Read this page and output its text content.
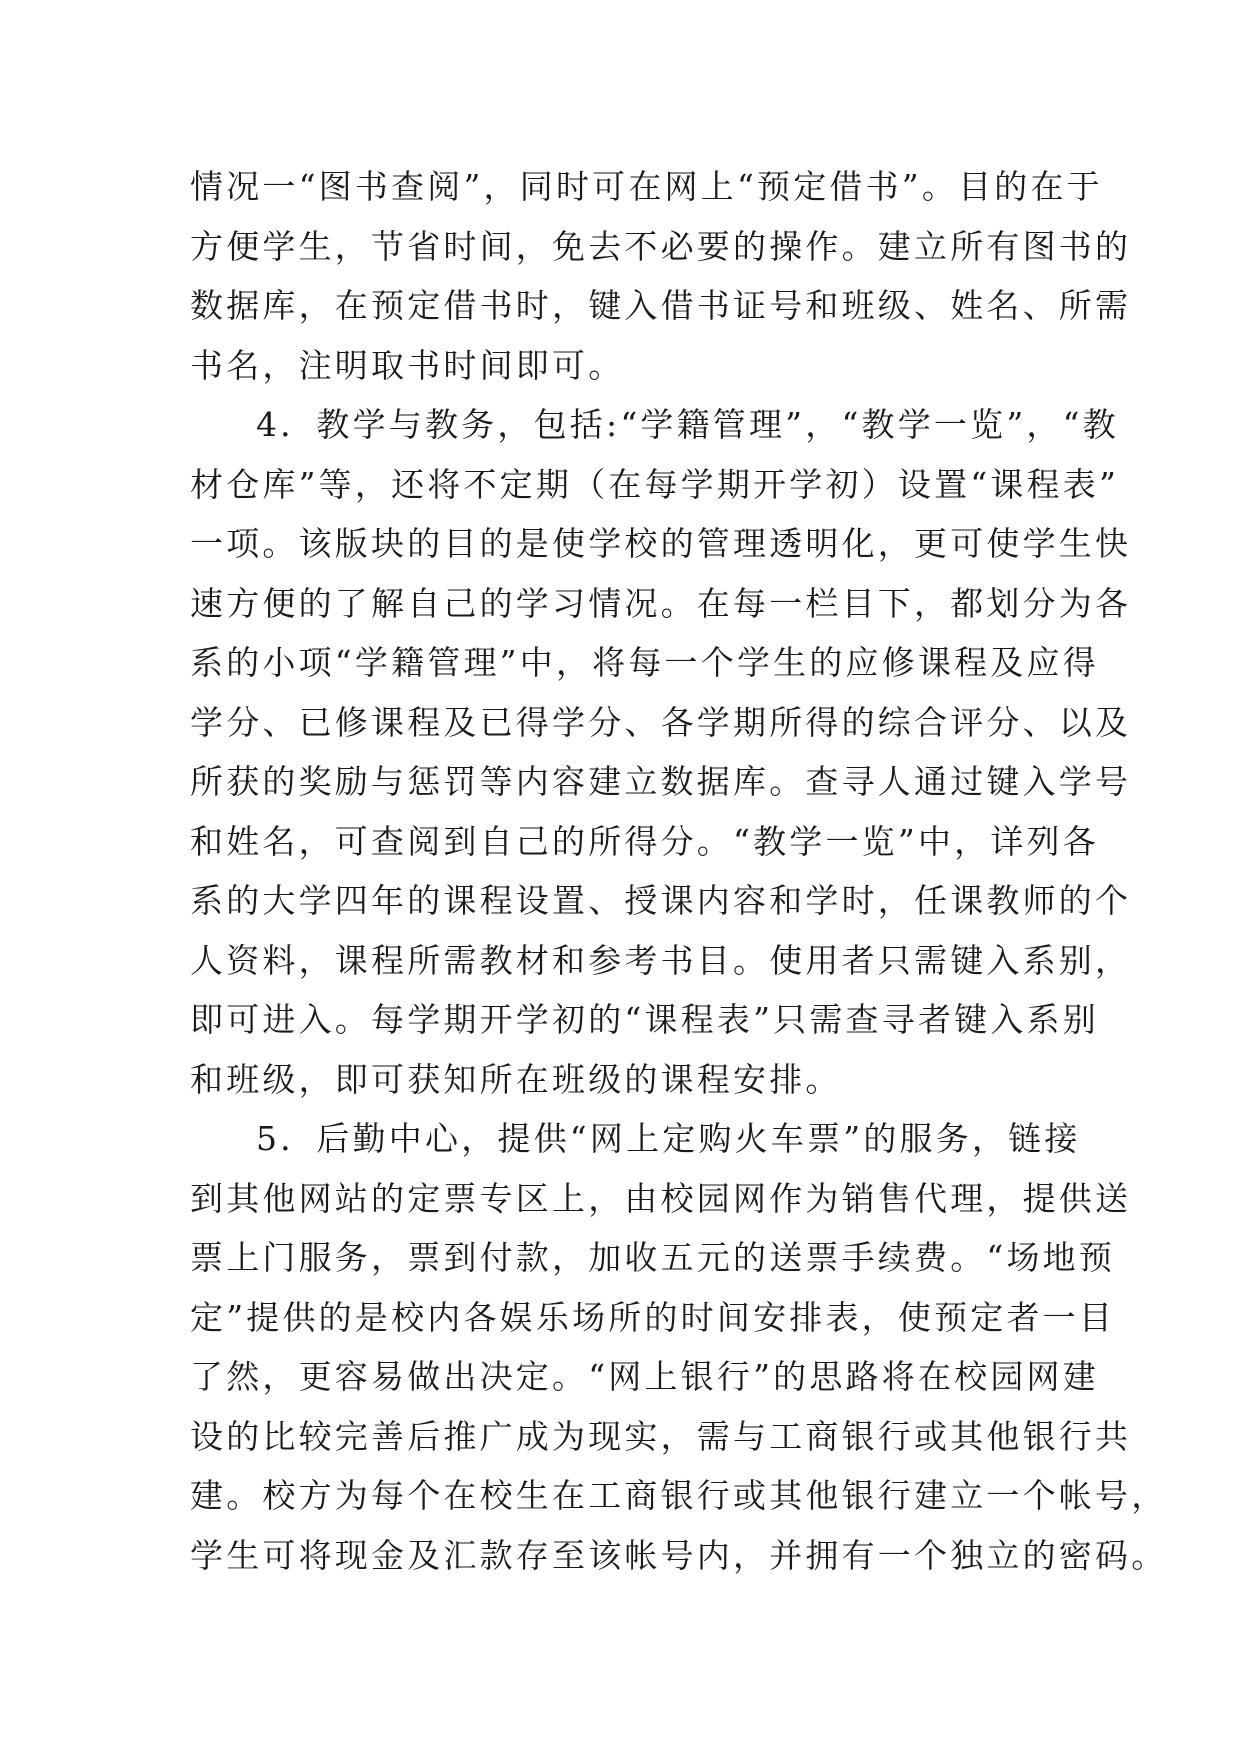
情况一“图书查阅”，同时可在网上“预定借书”。目的在于
方便学生，节省时间，免去不必要的操作。建立所有图书的
数据库，在预定借书时，键入借书证号和班级、姓名、所需
书名，注明取书时间即可。
4．教学与教务，包括:“学籍管理”，“教学一览”，“教
材仓库”等，还将不定期（在每学期开学初）设置“课程表”
一项。该版块的目的是使学校的管理透明化，更可使学生快
速方便的了解自己的学习情况。在每一栏目下，都划分为各
系的小项“学籍管理”中，将每一个学生的应修课程及应得
学分、已修课程及已得学分、各学期所得的综合评分、以及
所获的奖励与惩罚等内容建立数据库。查寻人通过键入学号
和姓名，可查阅到自己的所得分。“教学一览”中，详列各
系的大学四年的课程设置、授课内容和学时，任课教师的个
人资料，课程所需教材和参考书目。使用者只需键入系别，
即可进入。每学期开学初的“课程表”只需查寻者键入系别
和班级，即可获知所在班级的课程安排。
5．后勤中心，提供“网上定购火车票”的服务，链接
到其他网站的定票专区上，由校园网作为销售代理，提供送
票上门服务，票到付款，加收五元的送票手续费。“场地预
定”提供的是校内各娱乐场所的时间安排表，使预定者一目
了然，更容易做出决定。“网上银行”的思路将在校园网建
设的比较完善后推广成为现实，需与工商银行或其他银行共
建。校方为每个在校生在工商银行或其他银行建立一个帐号，
学生可将现金及汇款存至该帐号内，并拥有一个独立的密码。
